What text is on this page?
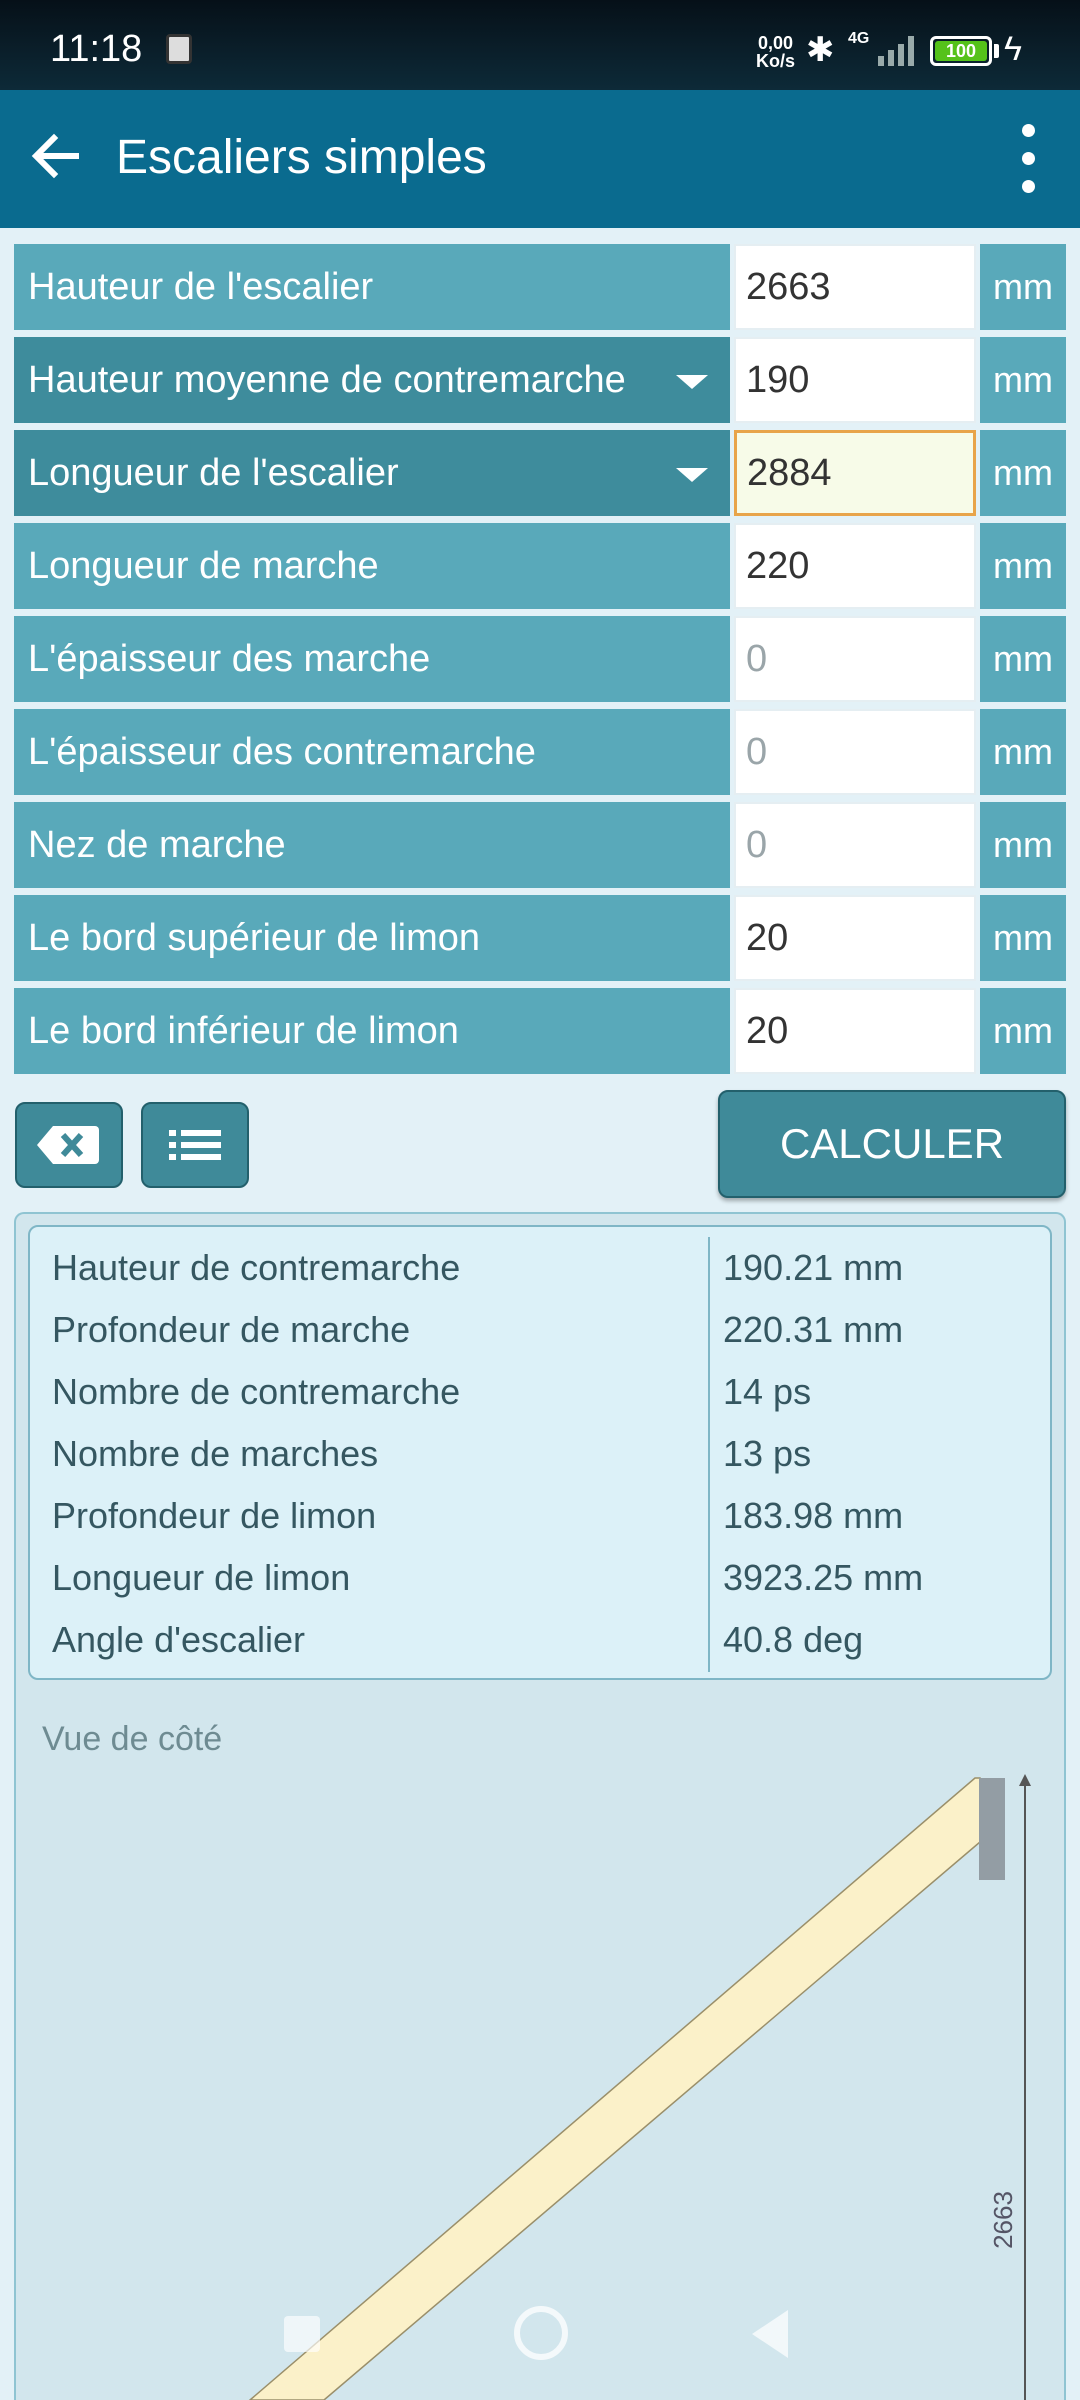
11:18	0,00
Ko/s ✱ 4G
100 ϟ
Escaliers simples
Hauteur de l'escalier	2663	mm
Hauteur moyenne de contremarche	190	mm
Longueur de l'escalier	2884	mm
Longueur de marche	220	mm
L'épaisseur des marche	0	mm
L'épaisseur des contremarche	0	mm
Nez de marche	0	mm
Le bord supérieur de limon	20	mm
Le bord inférieur de limon	20	mm
CALCULER
Hauteur de contremarche	190.21 mm
Profondeur de marche	220.31 mm
Nombre de contremarche	14 ps
Nombre de marches	13 ps
Profondeur de limon	183.98 mm
Longueur de limon	3923.25 mm
Angle d'escalier	40.8 deg
Vue de côté
2663
